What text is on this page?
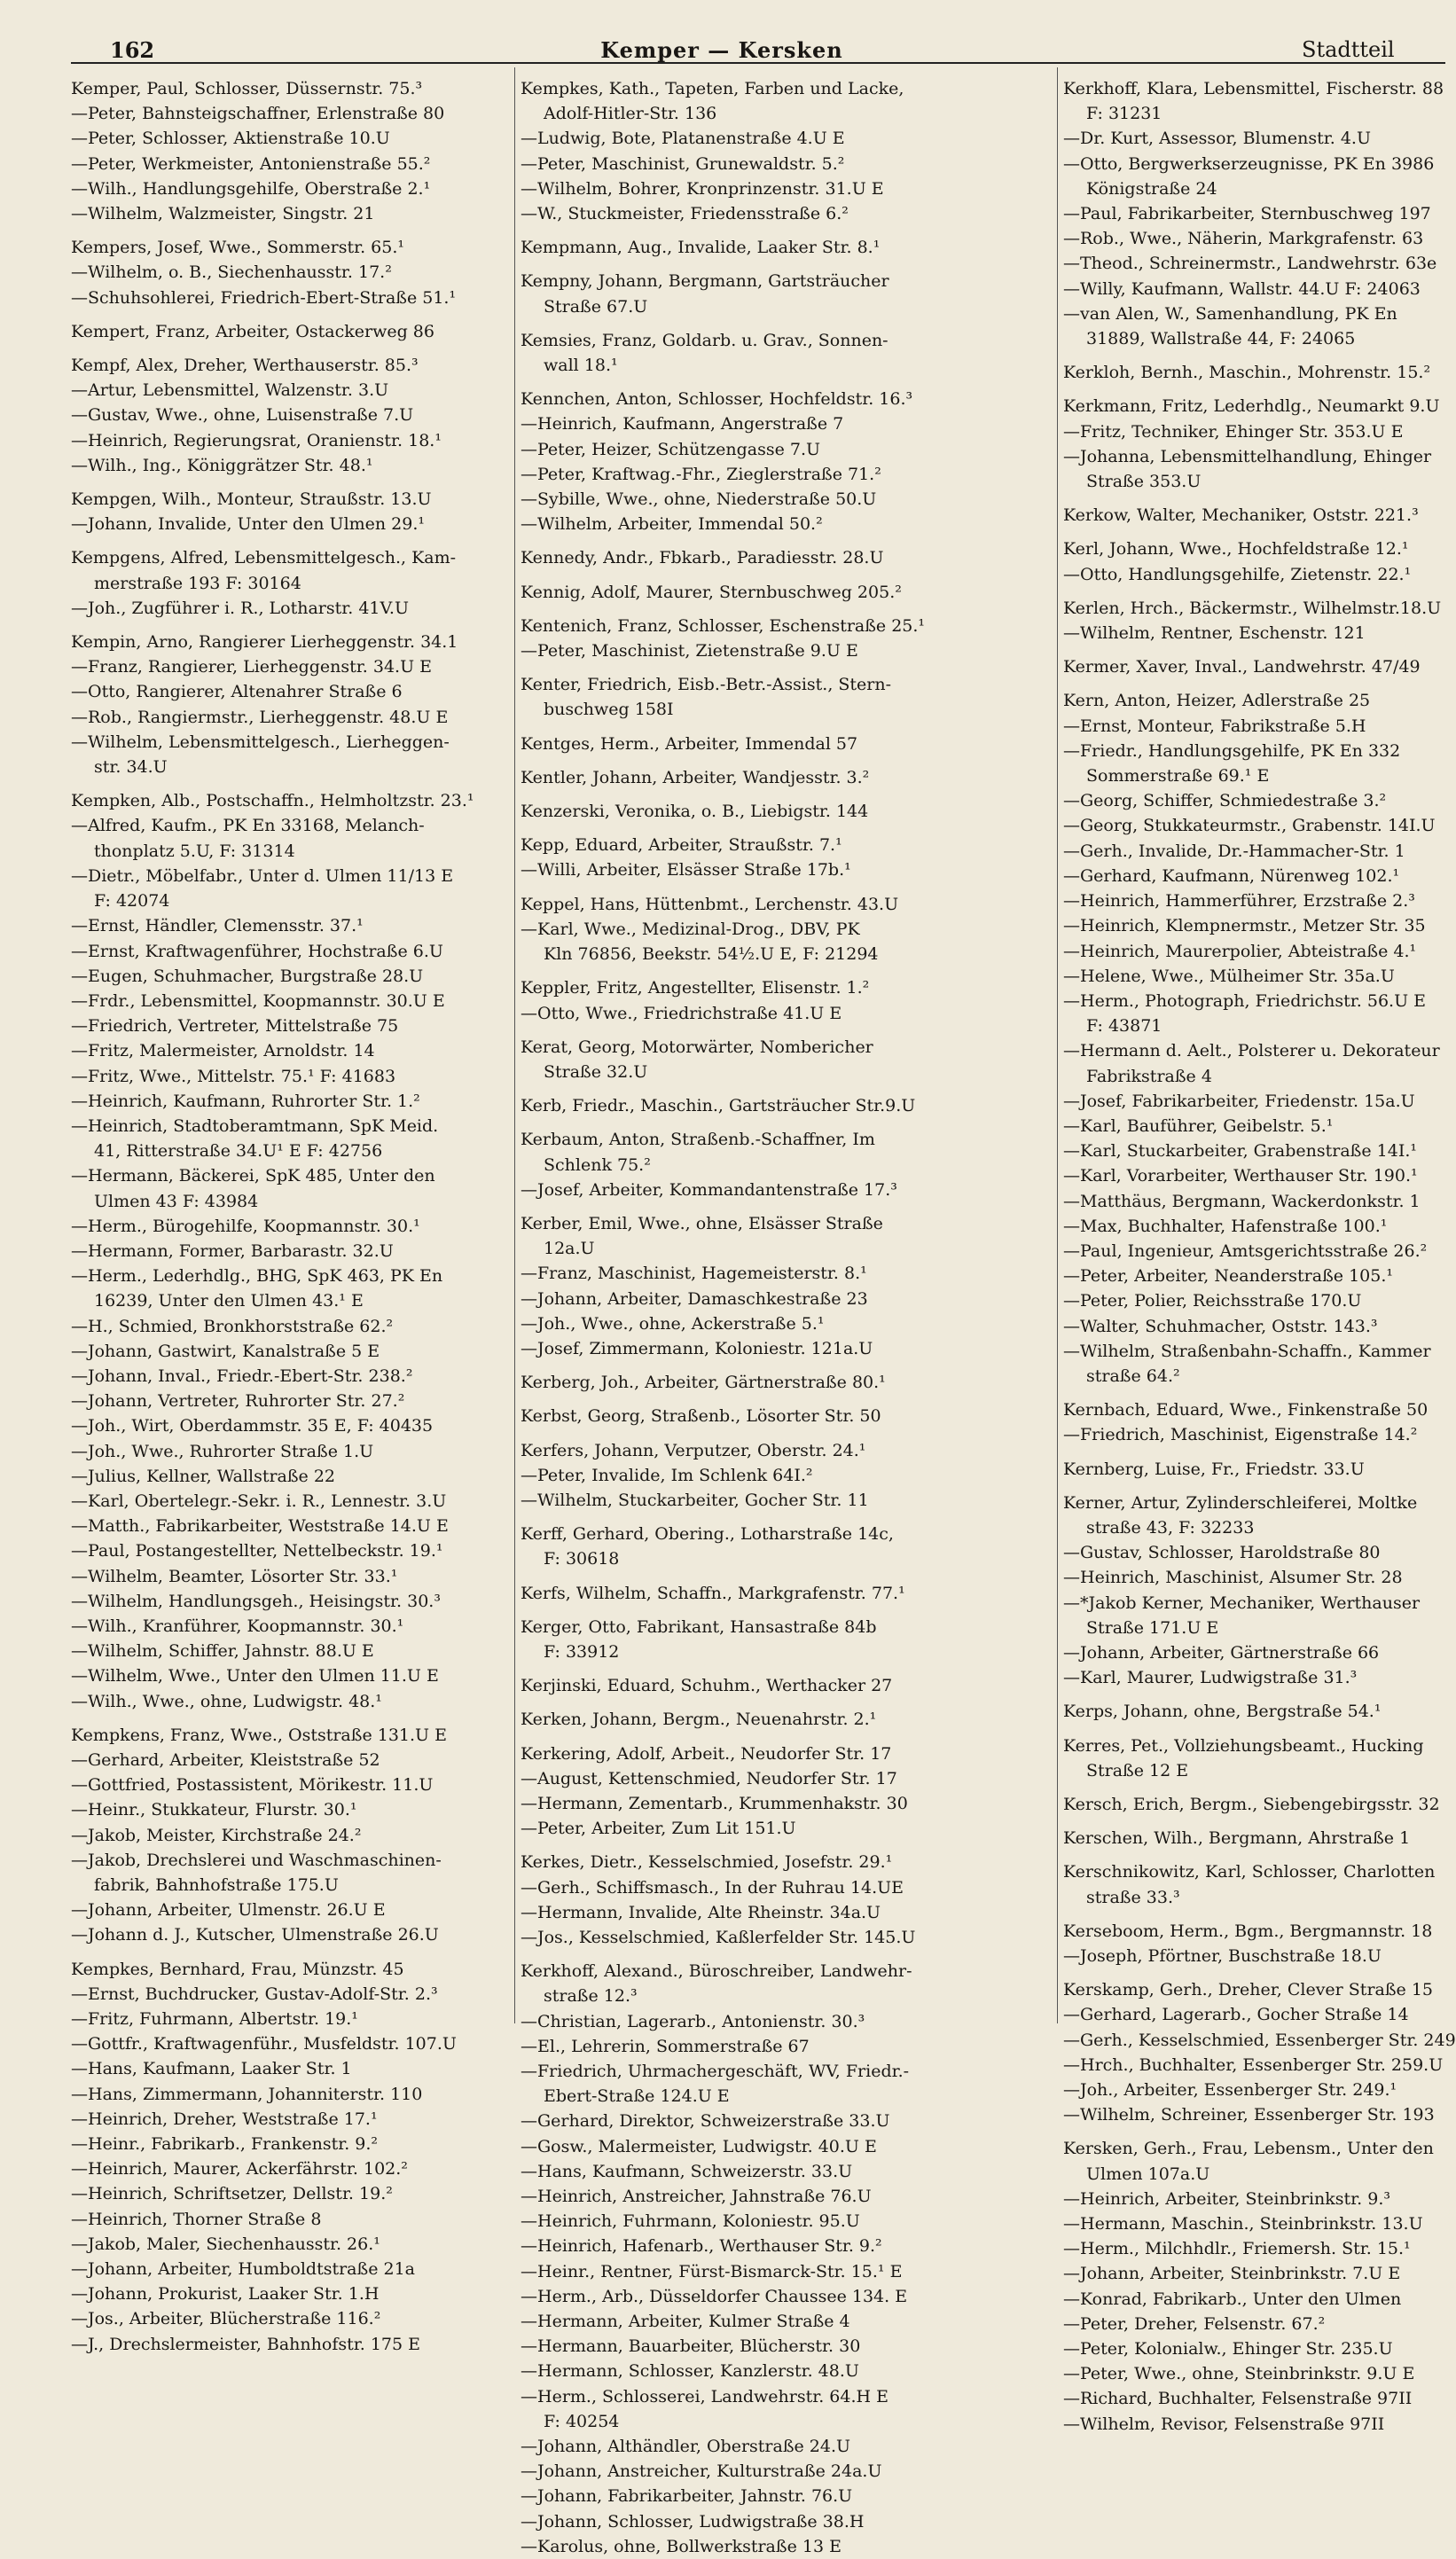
162	Kemper — Kersken	Stadtteil
Kemper, Paul, Schlosser, Düssernstr. 75.³
—Peter, Bahnsteigschaffner, Erlenstraße 80
—Peter, Schlosser, Aktienstraße 10.U
—Peter, Werkmeister, Antonienstraße 55.²
—Wilh., Handlungsgehilfe, Oberstraße 2.¹
—Wilhelm, Walzmeister, Singstr. 21
Kempers, Josef, Wwe., Sommerstr. 65.¹
—Wilhelm, o. B., Siechenhausstr. 17.²
—Schuhsohlerei, Friedrich-Ebert-Straße 51.¹
Kempert, Franz, Arbeiter, Ostackerweg 86
Kempf, Alex, Dreher, Werthauserstr. 85.³
—Artur, Lebensmittel, Walzenstr. 3.U
—Gustav, Wwe., ohne, Luisenstraße 7.U
—Heinrich, Regierungsrat, Oranienstr. 18.¹
—Wilh., Ing., Königgrätzer Str. 48.¹
Kempgen, Wilh., Monteur, Straußstr. 13.U
—Johann, Invalide, Unter den Ulmen 29.¹
Kempgens, Alfred, Lebensmittelgesch., Kam-
merstraße 193 F: 30164
—Joh., Zugführer i. R., Lotharstr. 41V.U
Kempin, Arno, Rangierer Lierheggenstr. 34.1
—Franz, Rangierer, Lierheggenstr. 34.U E
—Otto, Rangierer, Altenahrer Straße 6
—Rob., Rangiermstr., Lierheggenstr. 48.U E
—Wilhelm, Lebensmittelgesch., Lierheggen-
str. 34.U
Kempken, Alb., Postschaffn., Helmholtzstr. 23.¹
—Alfred, Kaufm., PK En 33168, Melanch-
thonplatz 5.U, F: 31314
—Dietr., Möbelfabr., Unter d. Ulmen 11/13 E
F: 42074
—Ernst, Händler, Clemensstr. 37.¹
—Ernst, Kraftwagenführer, Hochstraße 6.U
—Eugen, Schuhmacher, Burgstraße 28.U
—Frdr., Lebensmittel, Koopmannstr. 30.U E
—Friedrich, Vertreter, Mittelstraße 75
—Fritz, Malermeister, Arnoldstr. 14
—Fritz, Wwe., Mittelstr. 75.¹ F: 41683
—Heinrich, Kaufmann, Ruhrorter Str. 1.²
—Heinrich, Stadtoberamtmann, SpK Meid.
41, Ritterstraße 34.U¹ E F: 42756
—Hermann, Bäckerei, SpK 485, Unter den
Ulmen 43 F: 43984
—Herm., Bürogehilfe, Koopmannstr. 30.¹
—Hermann, Former, Barbarastr. 32.U
—Herm., Lederhdlg., BHG, SpK 463, PK En
16239, Unter den Ulmen 43.¹ E
—H., Schmied, Bronkhorststraße 62.²
—Johann, Gastwirt, Kanalstraße 5 E
—Johann, Inval., Friedr.-Ebert-Str. 238.²
—Johann, Vertreter, Ruhrorter Str. 27.²
—Joh., Wirt, Oberdammstr. 35 E, F: 40435
—Joh., Wwe., Ruhrorter Straße 1.U
—Julius, Kellner, Wallstraße 22
—Karl, Obertelegr.-Sekr. i. R., Lennestr. 3.U
—Matth., Fabrikarbeiter, Weststraße 14.U E
—Paul, Postangestellter, Nettelbeckstr. 19.¹
—Wilhelm, Beamter, Lösorter Str. 33.¹
—Wilhelm, Handlungsgeh., Heisingstr. 30.³
—Wilh., Kranführer, Koopmannstr. 30.¹
—Wilhelm, Schiffer, Jahnstr. 88.U E
—Wilhelm, Wwe., Unter den Ulmen 11.U E
—Wilh., Wwe., ohne, Ludwigstr. 48.¹
Kempkens, Franz, Wwe., Oststraße 131.U E
—Gerhard, Arbeiter, Kleiststraße 52
—Gottfried, Postassistent, Mörikestr. 11.U
—Heinr., Stukkateur, Flurstr. 30.¹
—Jakob, Meister, Kirchstraße 24.²
—Jakob, Drechslerei und Waschmaschinen-
fabrik, Bahnhofstraße 175.U
—Johann, Arbeiter, Ulmenstr. 26.U E
—Johann d. J., Kutscher, Ulmenstraße 26.U
Kempkes, Bernhard, Frau, Münzstr. 45
—Ernst, Buchdrucker, Gustav-Adolf-Str. 2.³
—Fritz, Fuhrmann, Albertstr. 19.¹
—Gottfr., Kraftwagenführ., Musfeldstr. 107.U
—Hans, Kaufmann, Laaker Str. 1
—Hans, Zimmermann, Johanniterstr. 110
—Heinrich, Dreher, Weststraße 17.¹
—Heinr., Fabrikarb., Frankenstr. 9.²
—Heinrich, Maurer, Ackerfährstr. 102.²
—Heinrich, Schriftsetzer, Dellstr. 19.²
—Heinrich, Thorner Straße 8
—Jakob, Maler, Siechenhausstr. 26.¹
—Johann, Arbeiter, Humboldtstraße 21a
—Johann, Prokurist, Laaker Str. 1.H
—Jos., Arbeiter, Blücherstraße 116.²
—J., Drechslermeister, Bahnhofstr. 175 E
Kempkes, Kath., Tapeten, Farben und Lacke,
Adolf-Hitler-Str. 136
—Ludwig, Bote, Platanenstraße 4.U E
—Peter, Maschinist, Grunewaldstr. 5.²
—Wilhelm, Bohrer, Kronprinzenstr. 31.U E
—W., Stuckmeister, Friedensstraße 6.²
Kempmann, Aug., Invalide, Laaker Str. 8.¹
Kempny, Johann, Bergmann, Gartsträucher
Straße 67.U
Kemsies, Franz, Goldarb. u. Grav., Sonnen-
wall 18.¹
Kennchen, Anton, Schlosser, Hochfeldstr. 16.³
—Heinrich, Kaufmann, Angerstraße 7
—Peter, Heizer, Schützengasse 7.U
—Peter, Kraftwag.-Fhr., Zieglerstraße 71.²
—Sybille, Wwe., ohne, Niederstraße 50.U
—Wilhelm, Arbeiter, Immendal 50.²
Kennedy, Andr., Fbkarb., Paradiesstr. 28.U
Kennig, Adolf, Maurer, Sternbuschweg 205.²
Kentenich, Franz, Schlosser, Eschenstraße 25.¹
—Peter, Maschinist, Zietenstraße 9.U E
Kenter, Friedrich, Eisb.-Betr.-Assist., Stern-
buschweg 158I
Kentges, Herm., Arbeiter, Immendal 57
Kentler, Johann, Arbeiter, Wandjesstr. 3.²
Kenzerski, Veronika, o. B., Liebigstr. 144
Kepp, Eduard, Arbeiter, Straußstr. 7.¹
—Willi, Arbeiter, Elsässer Straße 17b.¹
Keppel, Hans, Hüttenbmt., Lerchenstr. 43.U
—Karl, Wwe., Medizinal-Drog., DBV, PK
Kln 76856, Beekstr. 54½.U E, F: 21294
Keppler, Fritz, Angestellter, Elisenstr. 1.²
—Otto, Wwe., Friedrichstraße 41.U E
Kerat, Georg, Motorwärter, Nombericher
Straße 32.U
Kerb, Friedr., Maschin., Gartsträucher Str.9.U
Kerbaum, Anton, Straßenb.-Schaffner, Im
Schlenk 75.²
—Josef, Arbeiter, Kommandantenstraße 17.³
Kerber, Emil, Wwe., ohne, Elsässer Straße
12a.U
—Franz, Maschinist, Hagemeisterstr. 8.¹
—Johann, Arbeiter, Damaschkestraße 23
—Joh., Wwe., ohne, Ackerstraße 5.¹
—Josef, Zimmermann, Koloniestr. 121a.U
Kerberg, Joh., Arbeiter, Gärtnerstraße 80.¹
Kerbst, Georg, Straßenb., Lösorter Str. 50
Kerfers, Johann, Verputzer, Oberstr. 24.¹
—Peter, Invalide, Im Schlenk 64I.²
—Wilhelm, Stuckarbeiter, Gocher Str. 11
Kerff, Gerhard, Obering., Lotharstraße 14c,
F: 30618
Kerfs, Wilhelm, Schaffn., Markgrafenstr. 77.¹
Kerger, Otto, Fabrikant, Hansastraße 84b
F: 33912
Kerjinski, Eduard, Schuhm., Werthacker 27
Kerken, Johann, Bergm., Neuenahrstr. 2.¹
Kerkering, Adolf, Arbeit., Neudorfer Str. 17
—August, Kettenschmied, Neudorfer Str. 17
—Hermann, Zementarb., Krummenhakstr. 30
—Peter, Arbeiter, Zum Lit 151.U
Kerkes, Dietr., Kesselschmied, Josefstr. 29.¹
—Gerh., Schiffsmasch., In der Ruhrau 14.UE
—Hermann, Invalide, Alte Rheinstr. 34a.U
—Jos., Kesselschmied, Kaßlerfelder Str. 145.U
Kerkhoff, Alexand., Büroschreiber, Landwehr-
straße 12.³
—Christian, Lagerarb., Antonienstr. 30.³
—El., Lehrerin, Sommerstraße 67
—Friedrich, Uhrmachergeschäft, WV, Friedr.-
Ebert-Straße 124.U E
—Gerhard, Direktor, Schweizerstraße 33.U
—Gosw., Malermeister, Ludwigstr. 40.U E
—Hans, Kaufmann, Schweizerstr. 33.U
—Heinrich, Anstreicher, Jahnstraße 76.U
—Heinrich, Fuhrmann, Koloniestr. 95.U
—Heinrich, Hafenarb., Werthauser Str. 9.²
—Heinr., Rentner, Fürst-Bismarck-Str. 15.¹ E
—Herm., Arb., Düsseldorfer Chaussee 134. E
—Hermann, Arbeiter, Kulmer Straße 4
—Hermann, Bauarbeiter, Blücherstr. 30
—Hermann, Schlosser, Kanzlerstr. 48.U
—Herm., Schlosserei, Landwehrstr. 64.H E
F: 40254
—Johann, Althändler, Oberstraße 24.U
—Johann, Anstreicher, Kulturstraße 24a.U
—Johann, Fabrikarbeiter, Jahnstr. 76.U
—Johann, Schlosser, Ludwigstraße 38.H
—Karolus, ohne, Bollwerkstraße 13 E
Kerkhoff, Klara, Lebensmittel, Fischerstr. 88
F: 31231
—Dr. Kurt, Assessor, Blumenstr. 4.U
—Otto, Bergwerkserzeugnisse, PK En 3986
Königstraße 24
—Paul, Fabrikarbeiter, Sternbuschweg 197
—Rob., Wwe., Näherin, Markgrafenstr. 63
—Theod., Schreinermstr., Landwehrstr. 63e
—Willy, Kaufmann, Wallstr. 44.U F: 24063
—van Alen, W., Samenhandlung, PK En
31889, Wallstraße 44, F: 24065
Kerkloh, Bernh., Maschin., Mohrenstr. 15.²
Kerkmann, Fritz, Lederhdlg., Neumarkt 9.U
—Fritz, Techniker, Ehinger Str. 353.U E
—Johanna, Lebensmittelhandlung, Ehinger
Straße 353.U
Kerkow, Walter, Mechaniker, Oststr. 221.³
Kerl, Johann, Wwe., Hochfeldstraße 12.¹
—Otto, Handlungsgehilfe, Zietenstr. 22.¹
Kerlen, Hrch., Bäckermstr., Wilhelmstr.18.U
—Wilhelm, Rentner, Eschenstr. 121
Kermer, Xaver, Inval., Landwehrstr. 47/49
Kern, Anton, Heizer, Adlerstraße 25
—Ernst, Monteur, Fabrikstraße 5.H
—Friedr., Handlungsgehilfe, PK En 332
Sommerstraße 69.¹ E
—Georg, Schiffer, Schmiedestraße 3.²
—Georg, Stukkateurmstr., Grabenstr. 14I.U
—Gerh., Invalide, Dr.-Hammacher-Str. 1
—Gerhard, Kaufmann, Nürenweg 102.¹
—Heinrich, Hammerführer, Erzstraße 2.³
—Heinrich, Klempnermstr., Metzer Str. 35
—Heinrich, Maurerpolier, Abteistraße 4.¹
—Helene, Wwe., Mülheimer Str. 35a.U
—Herm., Photograph, Friedrichstr. 56.U E
F: 43871
—Hermann d. Aelt., Polsterer u. Dekorateur
Fabrikstraße 4
—Josef, Fabrikarbeiter, Friedenstr. 15a.U
—Karl, Bauführer, Geibelstr. 5.¹
—Karl, Stuckarbeiter, Grabenstraße 14I.¹
—Karl, Vorarbeiter, Werthauser Str. 190.¹
—Matthäus, Bergmann, Wackerdonkstr. 1
—Max, Buchhalter, Hafenstraße 100.¹
—Paul, Ingenieur, Amtsgerichtsstraße 26.²
—Peter, Arbeiter, Neanderstraße 105.¹
—Peter, Polier, Reichsstraße 170.U
—Walter, Schuhmacher, Oststr. 143.³
—Wilhelm, Straßenbahn-Schaffn., Kammer
straße 64.²
Kernbach, Eduard, Wwe., Finkenstraße 50
—Friedrich, Maschinist, Eigenstraße 14.²
Kernberg, Luise, Fr., Friedstr. 33.U
Kerner, Artur, Zylinderschleiferei, Moltke
straße 43, F: 32233
—Gustav, Schlosser, Haroldstraße 80
—Heinrich, Maschinist, Alsumer Str. 28
—*Jakob Kerner, Mechaniker, Werthauser
Straße 171.U E
—Johann, Arbeiter, Gärtnerstraße 66
—Karl, Maurer, Ludwigstraße 31.³
Kerps, Johann, ohne, Bergstraße 54.¹
Kerres, Pet., Vollziehungsbeamt., Hucking
Straße 12 E
Kersch, Erich, Bergm., Siebengebirgsstr. 32
Kerschen, Wilh., Bergmann, Ahrstraße 1
Kerschnikowitz, Karl, Schlosser, Charlotten
straße 33.³
Kerseboom, Herm., Bgm., Bergmannstr. 18
—Joseph, Pförtner, Buschstraße 18.U
Kerskamp, Gerh., Dreher, Clever Straße 15
—Gerhard, Lagerarb., Gocher Straße 14
—Gerh., Kesselschmied, Essenberger Str. 249
—Hrch., Buchhalter, Essenberger Str. 259.U
—Joh., Arbeiter, Essenberger Str. 249.¹
—Wilhelm, Schreiner, Essenberger Str. 193
Kersken, Gerh., Frau, Lebensm., Unter den
Ulmen 107a.U
—Heinrich, Arbeiter, Steinbrinkstr. 9.³
—Hermann, Maschin., Steinbrinkstr. 13.U
—Herm., Milchhdlr., Friemersh. Str. 15.¹
—Johann, Arbeiter, Steinbrinkstr. 7.U E
—Konrad, Fabrikarb., Unter den Ulmen
—Peter, Dreher, Felsenstr. 67.²
—Peter, Kolonialw., Ehinger Str. 235.U
—Peter, Wwe., ohne, Steinbrinkstr. 9.U E
—Richard, Buchhalter, Felsenstraße 97II
—Wilhelm, Revisor, Felsenstraße 97II
